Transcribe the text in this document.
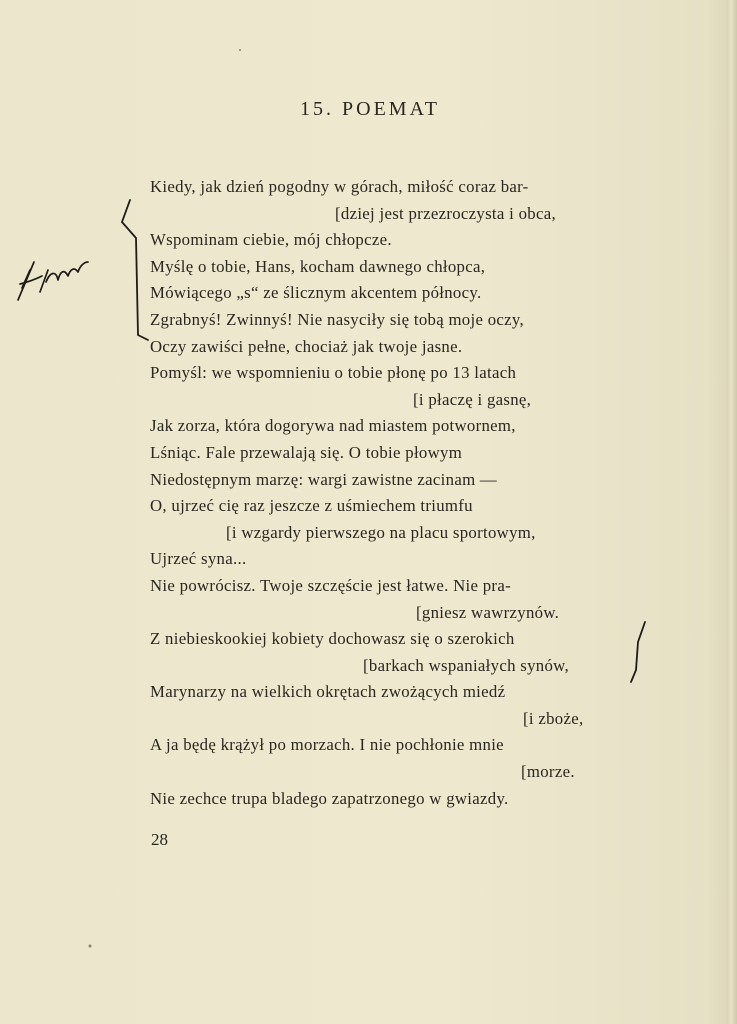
15. POEMAT
Kiedy, jak dzień pogodny w górach, miłość coraz bar-
[dziej jest przezroczysta i obca,
Wspominam ciebie, mój chłopcze.
Myślę o tobie, Hans, kocham dawnego chłopca,
Mówiącego „s“ ze ślicznym akcentem północy.
Zgrabnyś! Zwinnyś! Nie nasyciły się tobą moje oczy,
Oczy zawiści pełne, chociaż jak twoje jasne.
Pomyśl: we wspomnieniu o tobie płonę po 13 latach
[i płaczę i gasnę,
Jak zorza, która dogorywa nad miastem potwornem,
Lśniąc. Fale przewalają się. O tobie płowym
Niedostępnym marzę: wargi zawistne zacinam —
O, ujrzeć cię raz jeszcze z uśmiechem triumfu
[i wzgardy pierwszego na placu sportowym,
Ujrzeć syna...
Nie powrócisz. Twoje szczęście jest łatwe. Nie pra-
[gniesz wawrzynów.
Z niebieskookiej kobiety dochowasz się o szerokich
[barkach wspaniałych synów,
Marynarzy na wielkich okrętach zwożących miedź
[i zboże,
A ja będę krążył po morzach. I nie pochłonie mnie
[morze.
Nie zechce trupa bladego zapatrzonego w gwiazdy.
28
